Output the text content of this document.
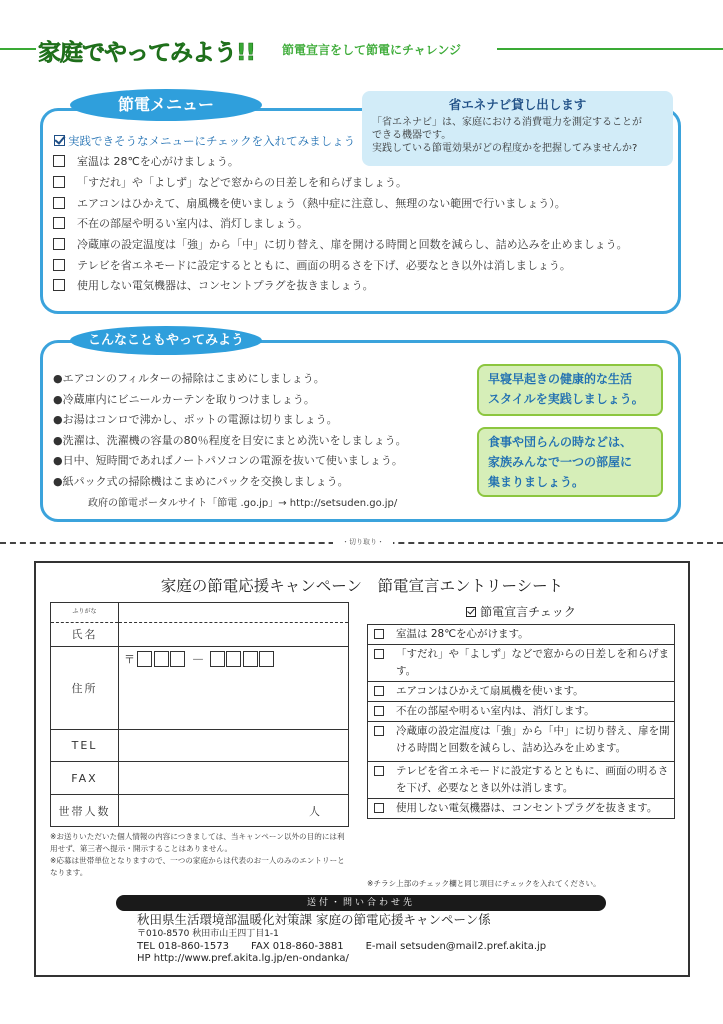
家庭でやってみよう!! 節電宣言をして節電にチャレンジ
節電メニュー	省エネナビ貸し出します
「省エネナビ」は、家庭における消費電力を測定することが
できる機器です。
実践している節電効果がどの程度かを把握してみませんか?
実践できそうなメニューにチェックを入れてみましょう
室温は 28℃を心がけましょう。
「すだれ」や「よしず」などで窓からの日差しを和らげましょう。
エアコンはひかえて、扇風機を使いましょう（熱中症に注意し、無理のない範囲で行いましょう）。
不在の部屋や明るい室内は、消灯しましょう。
冷蔵庫の設定温度は「強」から「中」に切り替え、扉を開ける時間と回数を減らし、詰め込みを止めましょう。
テレビを省エネモードに設定するとともに、画面の明るさを下げ、必要なとき以外は消しましょう。
使用しない電気機器は、コンセントプラグを抜きましょう。
こんなこともやってみよう
●エアコンのフィルターの掃除はこまめにしましょう。
●冷蔵庫内にビニールカーテンを取りつけましょう。
●お湯はコンロで沸かし、ポットの電源は切りましょう。
●洗濯は、洗濯機の容量の80％程度を目安にまとめ洗いをしましょう。
●日中、短時間であればノートパソコンの電源を抜いて使いましょう。
●紙パック式の掃除機はこまめにパックを交換しましょう。
政府の節電ポータルサイト「節電 .go.jp」→ http://setsuden.go.jp/
早寝早起きの健康的な生活
スタイルを実践しましょう。
食事や団らんの時などは、
家族みんなで一つの部屋に
集まりましょう。
・切り取り・
家庭の節電応援キャンペーン　節電宣言エントリーシート
ふりがな
氏名	

住所	〒 －

TEL	
FAX	
世帯人数	人

※お送りいただいた個人情報の内容につきましては、当キャンペーン以外の目的には利用せず、第三者へ提示・開示することはありません。

※応募は世帯単位となりますので、一つの家庭からは代表のお一人のみのエントリーとなります。

節電宣言チェック
室温は 28℃を心がけます。

「すだれ」や「よしず」などで窓からの日差しを和らげます。

エアコンはひかえて扇風機を使います。

不在の部屋や明るい室内は、消灯します。

冷蔵庫の設定温度は「強」から「中」に切り替え、扉を開ける時間と回数を減らし、詰め込みを止めます。

テレビを省エネモードに設定するとともに、画面の明るさを下げ、必要なとき以外は消します。

使用しない電気機器は、コンセントプラグを抜きます。
※チラシ上部のチェック欄と同じ項目にチェックを入れてください。
送付・問い合わせ先
秋田県生活環境部温暖化対策課 家庭の節電応援キャンペーン係
〒010-8570 秋田市山王四丁目1-1
TEL 018-860-1573 FAX 018-860-3881 E-mail setsuden@mail2.pref.akita.jp
HP http://www.pref.akita.lg.jp/en-ondanka/
